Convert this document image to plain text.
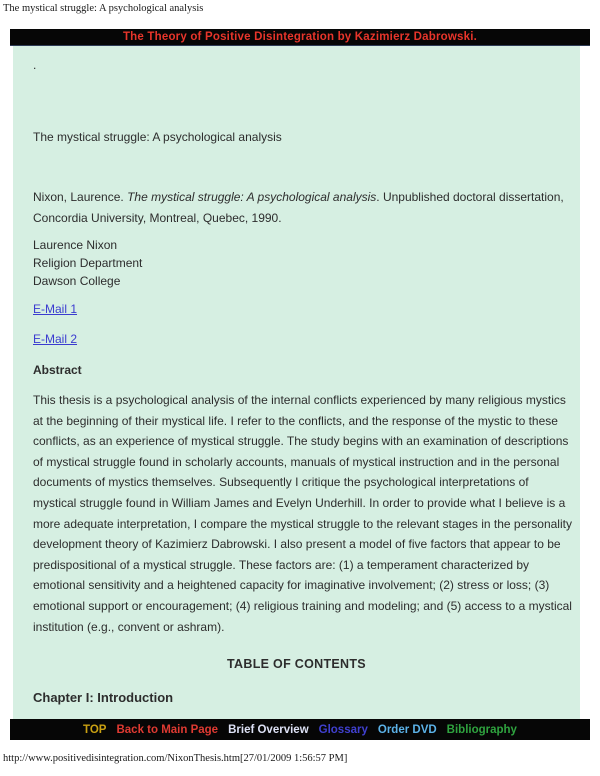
The mystical struggle: A psychological analysis
The Theory of Positive Disintegration by Kazimierz Dabrowski.
.
The mystical struggle: A psychological analysis
Nixon, Laurence. The mystical struggle: A psychological analysis. Unpublished doctoral dissertation, Concordia University, Montreal, Quebec, 1990.
Laurence Nixon
Religion Department
Dawson College
E-Mail 1
E-Mail 2
Abstract
This thesis is a psychological analysis of the internal conflicts experienced by many religious mystics at the beginning of their mystical life. I refer to the conflicts, and the response of the mystic to these conflicts, as an experience of mystical struggle. The study begins with an examination of descriptions of mystical struggle found in scholarly accounts, manuals of mystical instruction and in the personal documents of mystics themselves. Subsequently I critique the psychological interpretations of mystical struggle found in William James and Evelyn Underhill. In order to provide what I believe is a more adequate interpretation, I compare the mystical struggle to the relevant stages in the personality development theory of Kazimierz Dabrowski. I also present a model of five factors that appear to be predispositional of a mystical struggle. These factors are: (1) a temperament characterized by emotional sensitivity and a heightened capacity for imaginative involvement; (2) stress or loss; (3) emotional support or encouragement; (4) religious training and modeling; and (5) access to a mystical institution (e.g., convent or ashram).
TABLE OF CONTENTS
Chapter I: Introduction
TOP Back to Main Page Brief Overview Glossary Order DVD Bibliography
http://www.positivedisintegration.com/NixonThesis.htm[27/01/2009 1:56:57 PM]
